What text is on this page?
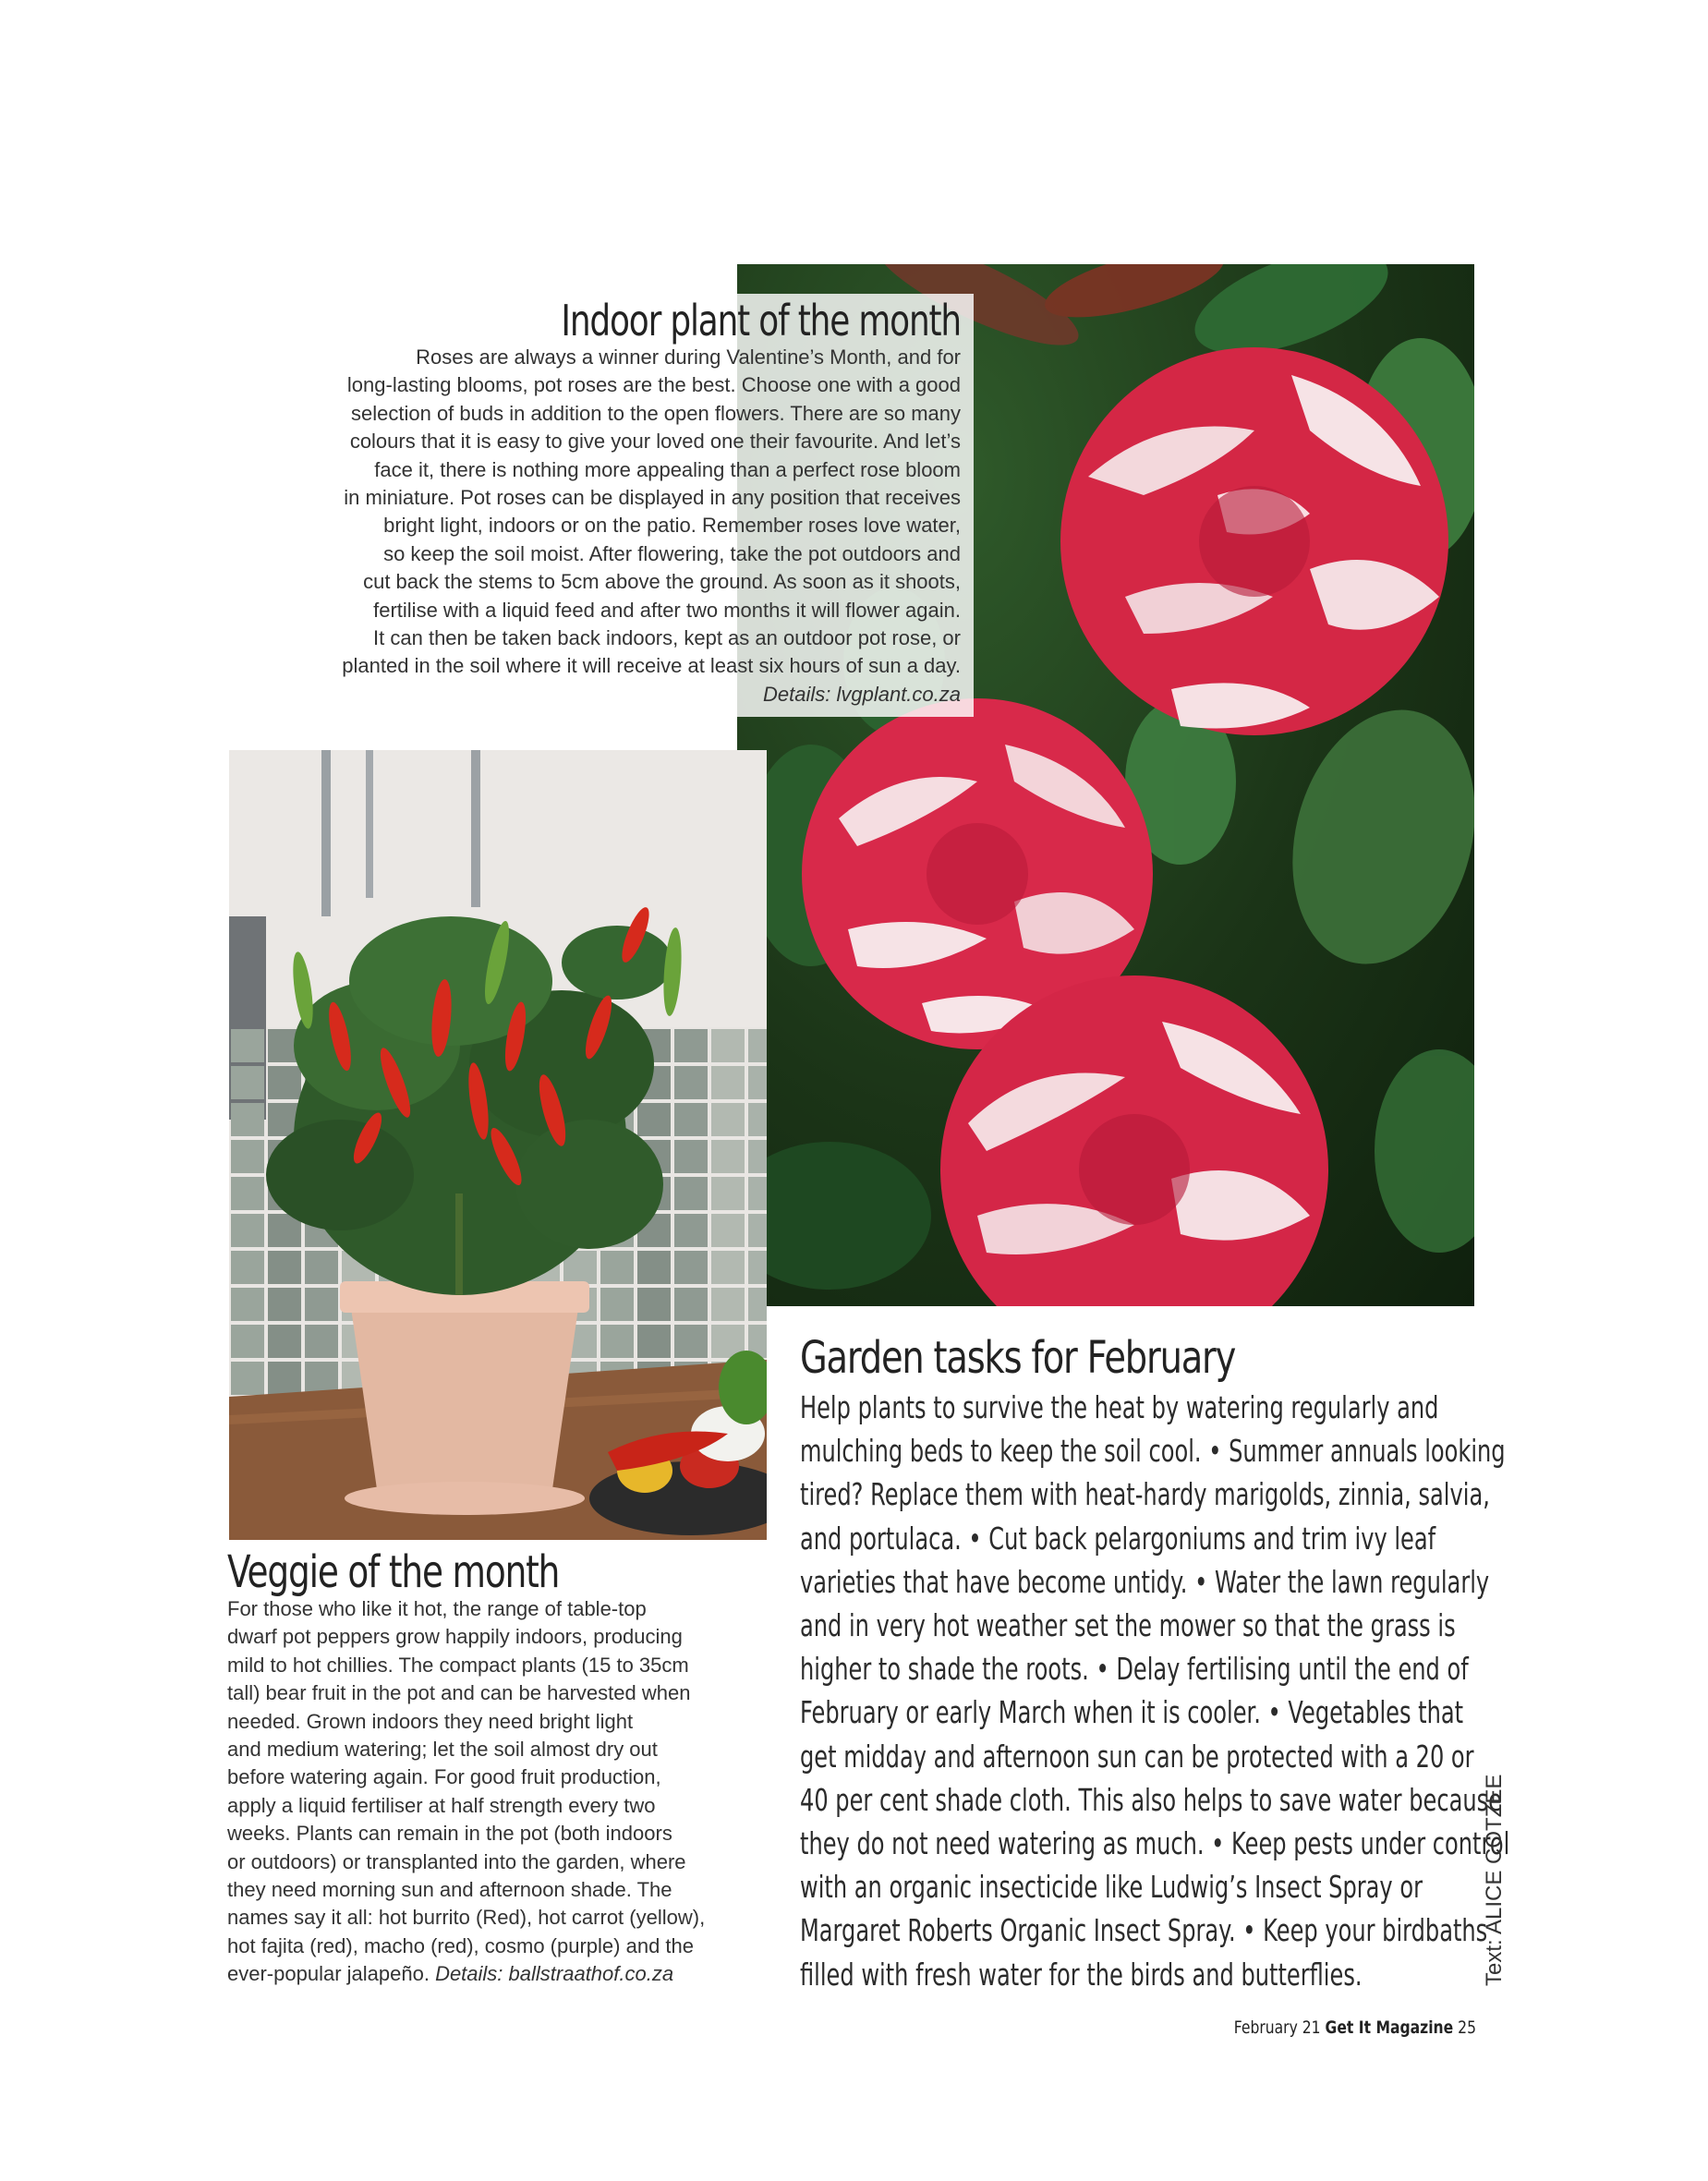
Indoor plant of the month
Roses are always a winner during Valentine’s Month, and for
long-lasting blooms, pot roses are the best. Choose one with a good
selection of buds in addition to the open flowers. There are so many
colours that it is easy to give your loved one their favourite. And let’s
face it, there is nothing more appealing than a perfect rose bloom
in miniature. Pot roses can be displayed in any position that receives
bright light, indoors or on the patio. Remember roses love water,
so keep the soil moist. After flowering, take the pot outdoors and
cut back the stems to 5cm above the ground. As soon as it shoots,
fertilise with a liquid feed and after two months it will flower again.
It can then be taken back indoors, kept as an outdoor pot rose, or
planted in the soil where it will receive at least six hours of sun a day.
Details: lvgplant.co.za
Veggie of the month
For those who like it hot, the range of table-top
dwarf pot peppers grow happily indoors, producing
mild to hot chillies. The compact plants (15 to 35cm
tall) bear fruit in the pot and can be harvested when
needed. Grown indoors they need bright light
and medium watering; let the soil almost dry out
before watering again. For good fruit production,
apply a liquid fertiliser at half strength every two
weeks. Plants can remain in the pot (both indoors
or outdoors) or transplanted into the garden, where
they need morning sun and afternoon shade. The
names say it all: hot burrito (Red), hot carrot (yellow),
hot fajita (red), macho (red), cosmo (purple) and the
ever-popular jalapeño. Details: ballstraathof.co.za
Garden tasks for February
Help plants to survive the heat by watering regularly and
mulching beds to keep the soil cool. • Summer annuals looking
tired? Replace them with heat-hardy marigolds, zinnia, salvia,
and portulaca. • Cut back pelargoniums and trim ivy leaf
varieties that have become untidy. • Water the lawn regularly
and in very hot weather set the mower so that the grass is
higher to shade the roots. • Delay fertilising until the end of
February or early March when it is cooler. • Vegetables that
get midday and afternoon sun can be protected with a 20 or
40 per cent shade cloth. This also helps to save water because
they do not need watering as much. • Keep pests under control
with an organic insecticide like Ludwig’s Insect Spray or
Margaret Roberts Organic Insect Spray. • Keep your birdbaths
filled with fresh water for the birds and butterflies.	Text: ALICE COTZEE
February 21 Get It Magazine 25
